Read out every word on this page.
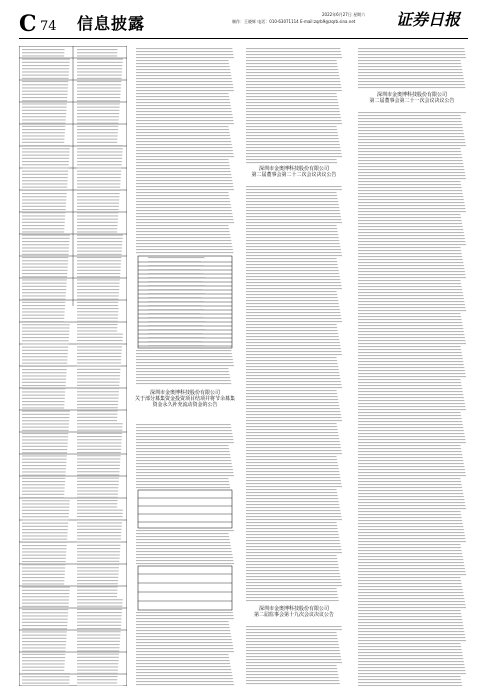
C 74 信息披露	2022年6月27日 星期六
制作：王晓辉 电话：010-63071114 E-mail:zqrb9@zqrb.sina.net	证券日报
深圳市金奥博科技股份有限公司
关于部分募集资金投资项目结项并将节余募集资金永久补充流动资金的公告
深圳市金奥博科技股份有限公司
第二届董事会第二十二次会议决议公告
深圳市金奥博科技股份有限公司
第二届监事会第十九次会议决议公告
深圳市金奥博科技股份有限公司
第二届董事会第二十一次会议决议公告
